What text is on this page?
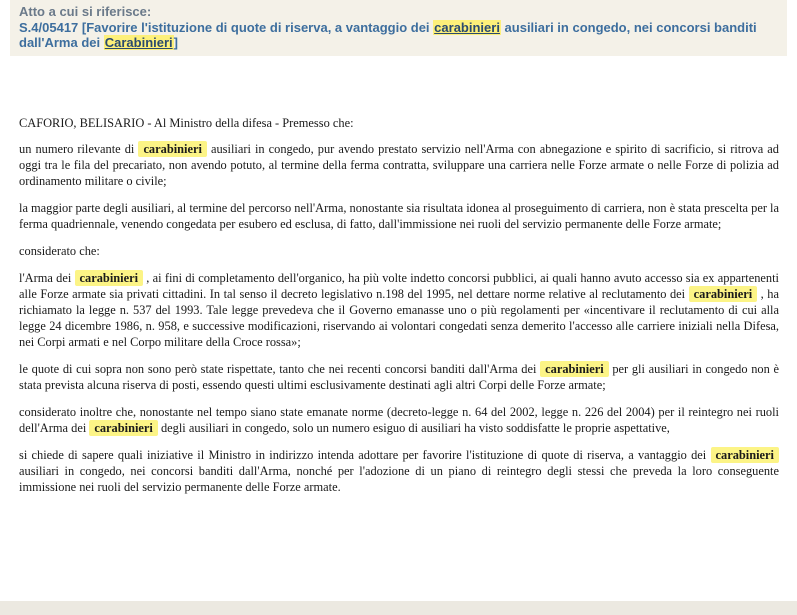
Atto a cui si riferisce:
S.4/05417 [Favorire l'istituzione di quote di riserva, a vantaggio dei carabinieri ausiliari in congedo, nei concorsi banditi dall'Arma dei Carabinieri]

CAFORIO, BELISARIO - Al Ministro della difesa - Premesso che:

un numero rilevante di carabinieri ausiliari in congedo, pur avendo prestato servizio nell'Arma con abnegazione e spirito di sacrificio, si ritrova ad oggi tra le fila del precariato, non avendo potuto, al termine della ferma contratta, sviluppare una carriera nelle Forze armate o nelle Forze di polizia ad ordinamento militare o civile;

la maggior parte degli ausiliari, al termine del percorso nell'Arma, nonostante sia risultata idonea al proseguimento di carriera, non è stata prescelta per la ferma quadriennale, venendo congedata per esubero ed esclusa, di fatto, dall'immissione nei ruoli del servizio permanente delle Forze armate;

considerato che:

l'Arma dei carabinieri , ai fini di completamento dell'organico, ha più volte indetto concorsi pubblici, ai quali hanno avuto accesso sia ex appartenenti alle Forze armate sia privati cittadini. In tal senso il decreto legislativo n.198 del 1995, nel dettare norme relative al reclutamento dei carabinieri , ha richiamato la legge n. 537 del 1993. Tale legge prevedeva che il Governo emanasse uno o più regolamenti per «incentivare il reclutamento di cui alla legge 24 dicembre 1986, n. 958, e successive modificazioni, riservando ai volontari congedati senza demerito l'accesso alle carriere iniziali nella Difesa, nei Corpi armati e nel Corpo militare della Croce rossa»;

le quote di cui sopra non sono però state rispettate, tanto che nei recenti concorsi banditi dall'Arma dei carabinieri per gli ausiliari in congedo non è stata prevista alcuna riserva di posti, essendo questi ultimi esclusivamente destinati agli altri Corpi delle Forze armate;

considerato inoltre che, nonostante nel tempo siano state emanate norme (decreto-legge n. 64 del 2002, legge n. 226 del 2004) per il reintegro nei ruoli dell'Arma dei carabinieri degli ausiliari in congedo, solo un numero esiguo di ausiliari ha visto soddisfatte le proprie aspettative,

si chiede di sapere quali iniziative il Ministro in indirizzo intenda adottare per favorire l'istituzione di quote di riserva, a vantaggio dei carabinieri ausiliari in congedo, nei concorsi banditi dall'Arma, nonché per l'adozione di un piano di reintegro degli stessi che preveda la loro conseguente immissione nei ruoli del servizio permanente delle Forze armate.
